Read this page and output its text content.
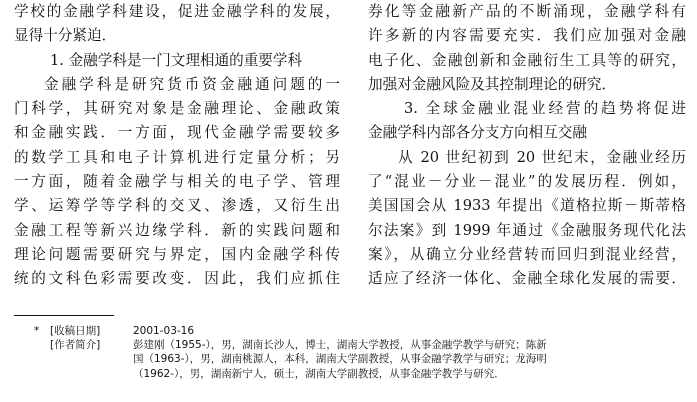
学校的金融学科建设，促进金融学科的发展，
显得十分紧迫．
1. 金融学科是一门文理相通的重要学科
金融学科是研究货币资金融通问题的一
门科学，其研究对象是金融理论、金融政策
和金融实践．一方面，现代金融学需要较多
的数学工具和电子计算机进行定量分析；另
一方面，随着金融学与相关的电子学、管理
学、运筹学等学科的交叉、渗透，又衍生出
金融工程等新兴边缘学科．新的实践问题和
理论问题需要研究与界定，国内金融学科传
统的文科色彩需要改变．因此，我们应抓住
券化等金融新产品的不断涌现，金融学科有
许多新的内容需要充实．我们应加强对金融
电子化、金融创新和金融衍生工具等的研究，
加强对金融风险及其控制理论的研究．
3. 全球金融业混业经营的趋势将促进
金融学科内部各分支方向相互交融
从 20 世纪初到 20 世纪末，金融业经历
了“混业－分业－混业”的发展历程．例如，
美国国会从 1933 年提出《道格拉斯－斯蒂格
尔法案》到 1999 年通过《金融服务现代化法
案》，从确立分业经营转而回归到混业经营，
适应了经济一体化、金融全球化发展的需要．
* [收稿日期]	2001-03-16
[作者简介]	彭建刚（1955-），男，湖南长沙人，博士，湖南大学教授，从事金融学教学与研究；陈新
国（1963-），男，湖南桃源人，本科，湖南大学副教授，从事金融学教学与研究；龙海明
（1962-），男，湖南新宁人，硕士，湖南大学副教授，从事金融学教学与研究．
